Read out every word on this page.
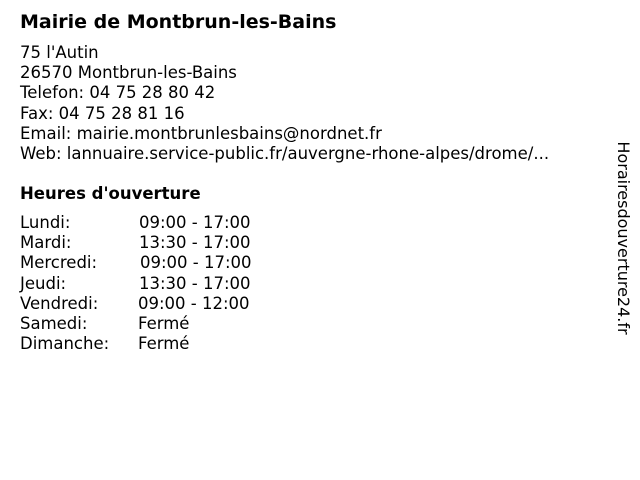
Mairie de Montbrun-les-Bains
75 l'Autin
26570 Montbrun-les-Bains
Telefon: 04 75 28 80 42
Fax: 04 75 28 81 16
Email: mairie.montbrunlesbains@nordnet.fr
Web: lannuaire.service-public.fr/auvergne-rhone-alpes/drome/...
Heures d'ouverture
Lundi:	09:00 - 17:00
Mardi:	13:30 - 17:00
Mercredi:	09:00 - 17:00
Jeudi:	13:30 - 17:00
Vendredi: 09:00 - 12:00
Samedi:	Fermé
Dimanche: Fermé
Horairesdouverture24.fr
